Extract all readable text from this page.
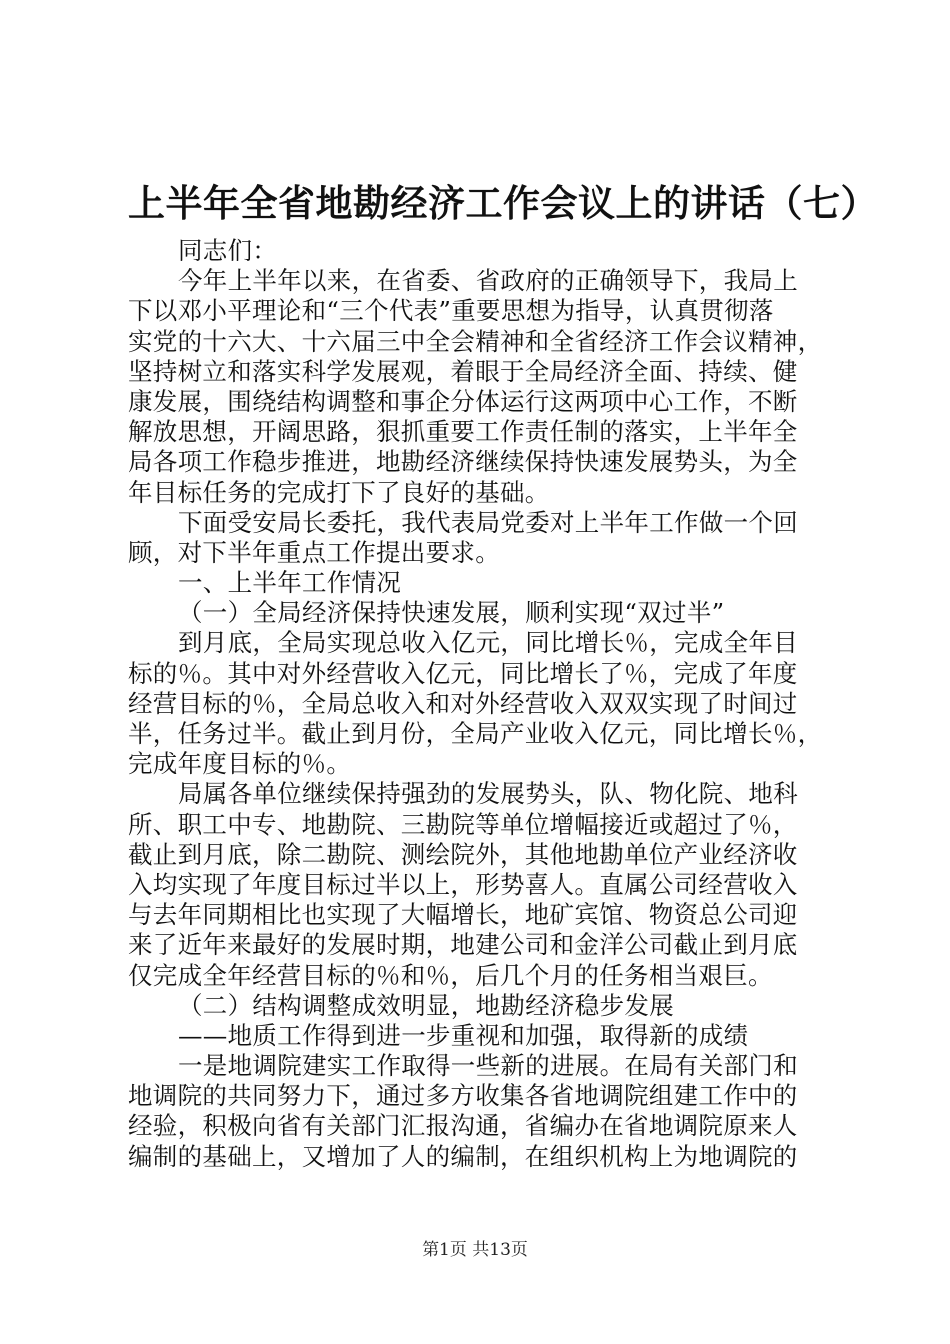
上半年全省地勘经济工作会议上的讲话（七）
同志们：
今年上半年以来，在省委、省政府的正确领导下，我局上
下以邓小平理论和“三个代表”重要思想为指导，认真贯彻落
实党的十六大、十六届三中全会精神和全省经济工作会议精神，
坚持树立和落实科学发展观，着眼于全局经济全面、持续、健
康发展，围绕结构调整和事企分体运行这两项中心工作，不断
解放思想，开阔思路，狠抓重要工作责任制的落实，上半年全
局各项工作稳步推进，地勘经济继续保持快速发展势头，为全
年目标任务的完成打下了良好的基础。
下面受安局长委托，我代表局党委对上半年工作做一个回
顾，对下半年重点工作提出要求。
一、上半年工作情况
（一）全局经济保持快速发展，顺利实现“双过半”
到月底，全局实现总收入亿元，同比增长％，完成全年目
标的％。其中对外经营收入亿元，同比增长了％，完成了年度
经营目标的％，全局总收入和对外经营收入双双实现了时间过
半，任务过半。截止到月份，全局产业收入亿元，同比增长％，
完成年度目标的％。
局属各单位继续保持强劲的发展势头，队、物化院、地科
所、职工中专、地勘院、三勘院等单位增幅接近或超过了％，
截止到月底，除二勘院、测绘院外，其他地勘单位产业经济收
入均实现了年度目标过半以上，形势喜人。直属公司经营收入
与去年同期相比也实现了大幅增长，地矿宾馆、物资总公司迎
来了近年来最好的发展时期，地建公司和金洋公司截止到月底
仅完成全年经营目标的％和％，后几个月的任务相当艰巨。
（二）结构调整成效明显，地勘经济稳步发展
——地质工作得到进一步重视和加强，取得新的成绩
一是地调院建实工作取得一些新的进展。在局有关部门和
地调院的共同努力下，通过多方收集各省地调院组建工作中的
经验，积极向省有关部门汇报沟通，省编办在省地调院原来人
编制的基础上，又增加了人的编制，在组织机构上为地调院的
第1页 共13页
